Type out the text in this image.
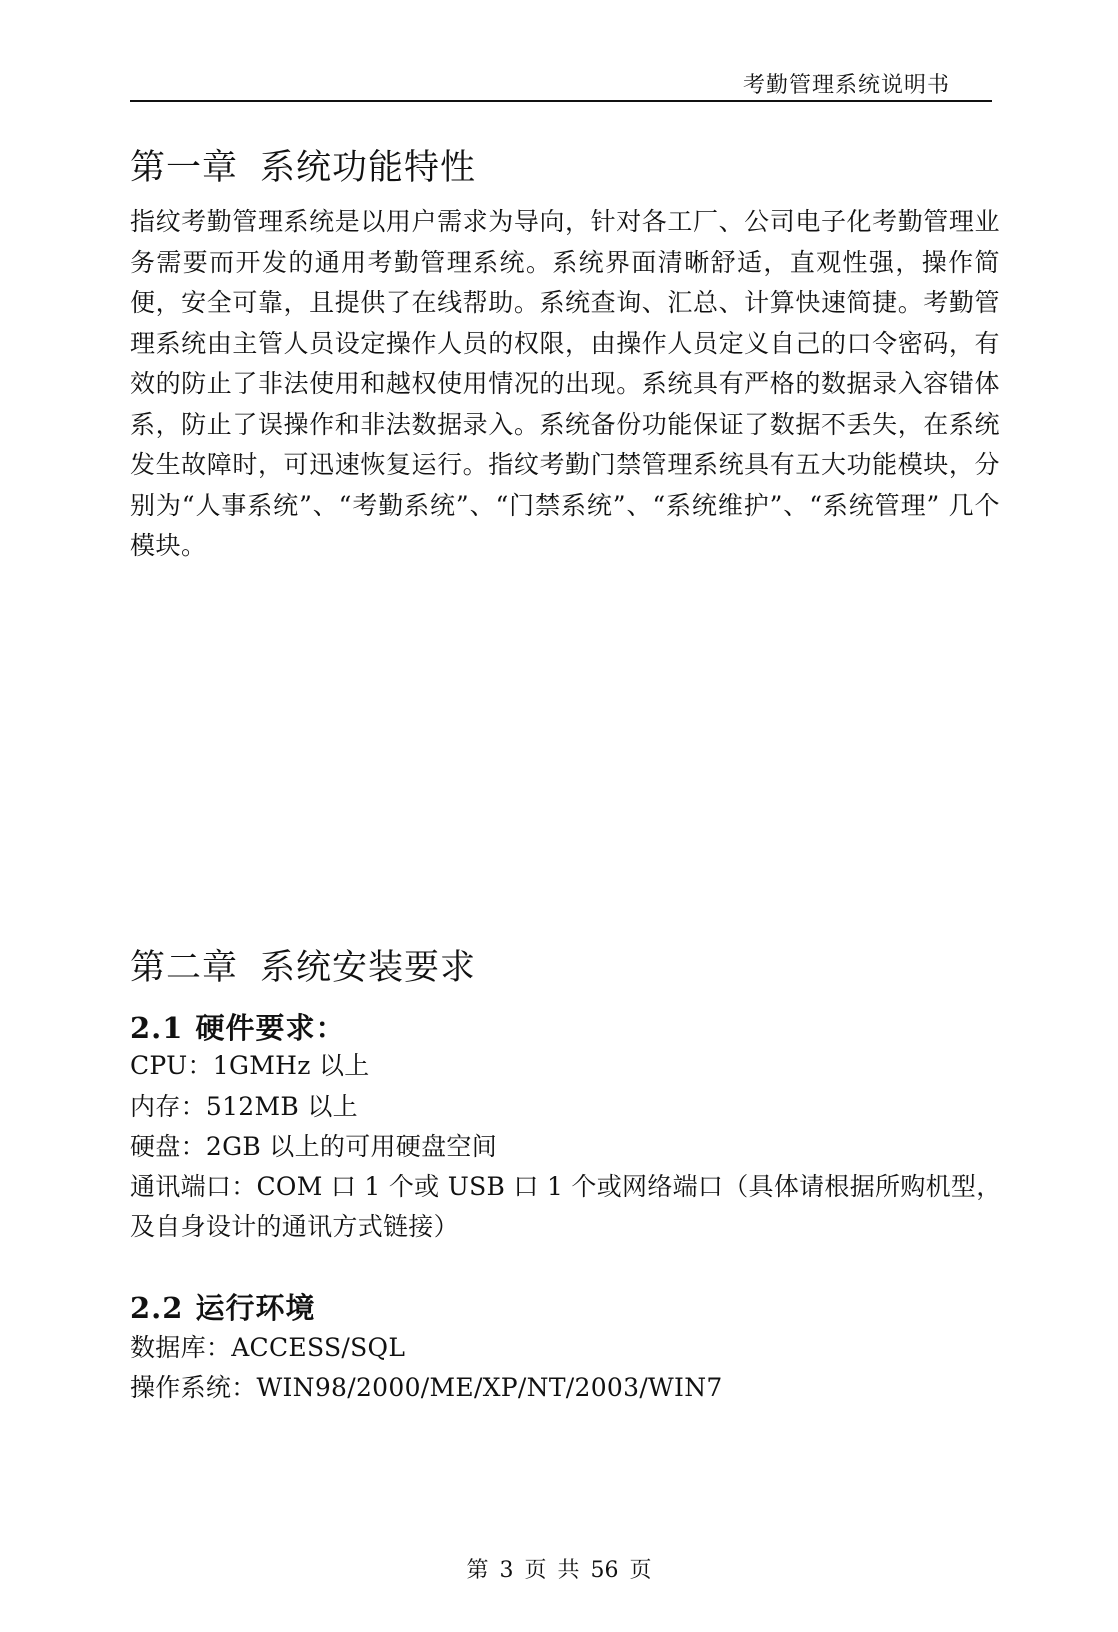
考勤管理系统说明书
第一章 系统功能特性

指纹考勤管理系统是以用户需求为导向，针对各工厂、公司电子化考勤管理业务需要而开发的通用考勤管理系统。系统界面清晰舒适，直观性强，操作简便，安全可靠，且提供了在线帮助。系统查询、汇总、计算快速简捷。考勤管理系统由主管人员设定操作人员的权限，由操作人员定义自己的口令密码，有效的防止了非法使用和越权使用情况的出现。系统具有严格的数据录入容错体系，防止了误操作和非法数据录入。系统备份功能保证了数据不丢失，在系统发生故障时，可迅速恢复运行。指纹考勤门禁管理系统具有五大功能模块，分别为“人事系统”、“考勤系统”、“门禁系统”、“系统维护”、“系统管理” 几个模块。

第二章 系统安装要求
2.1 硬件要求：
CPU：1GMHz 以上
内存：512MB 以上
硬盘：2GB 以上的可用硬盘空间
通讯端口：COM 口 1 个或 USB 口 1 个或网络端口（具体请根据所购机型，
及自身设计的通讯方式链接）
2.2 运行环境
数据库：ACCESS/SQL
操作系统：WIN98/2000/ME/XP/NT/2003/WIN7
第 3 页 共 56 页
